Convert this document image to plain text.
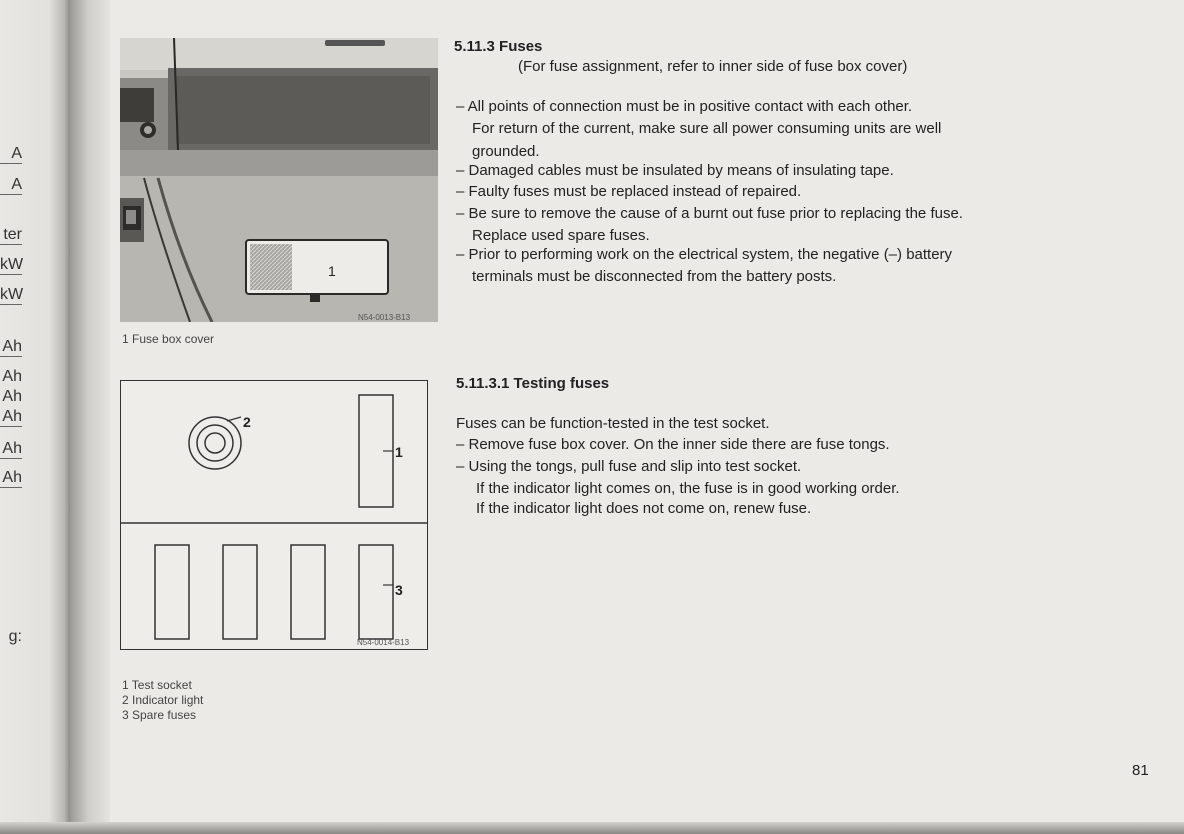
A
A
ter
kW
kW
Ah
Ah
Ah
Ah
Ah
Ah
g:
1
N54-0013-B13
1 Fuse box cover
2
1
3
N54-0014-B13
1 Test socket
2 Indicator light
3 Spare fuses
5.11.3 Fuses
(For fuse assignment, refer to inner side of fuse box cover)
– All points of connection must be in positive contact with each other.
For return of the current, make sure all power consuming units are well
grounded.
– Damaged cables must be insulated by means of insulating tape.
– Faulty fuses must be replaced instead of repaired.
– Be sure to remove the cause of a burnt out fuse prior to replacing the fuse.
Replace used spare fuses.
– Prior to performing work on the electrical system, the negative (–) battery
terminals must be disconnected from the battery posts.
5.11.3.1 Testing fuses
Fuses can be function-tested in the test socket.
– Remove fuse box cover. On the inner side there are fuse tongs.
– Using the tongs, pull fuse and slip into test socket.
If the indicator light comes on, the fuse is in good working order.
If the indicator light does not come on, renew fuse.
81
